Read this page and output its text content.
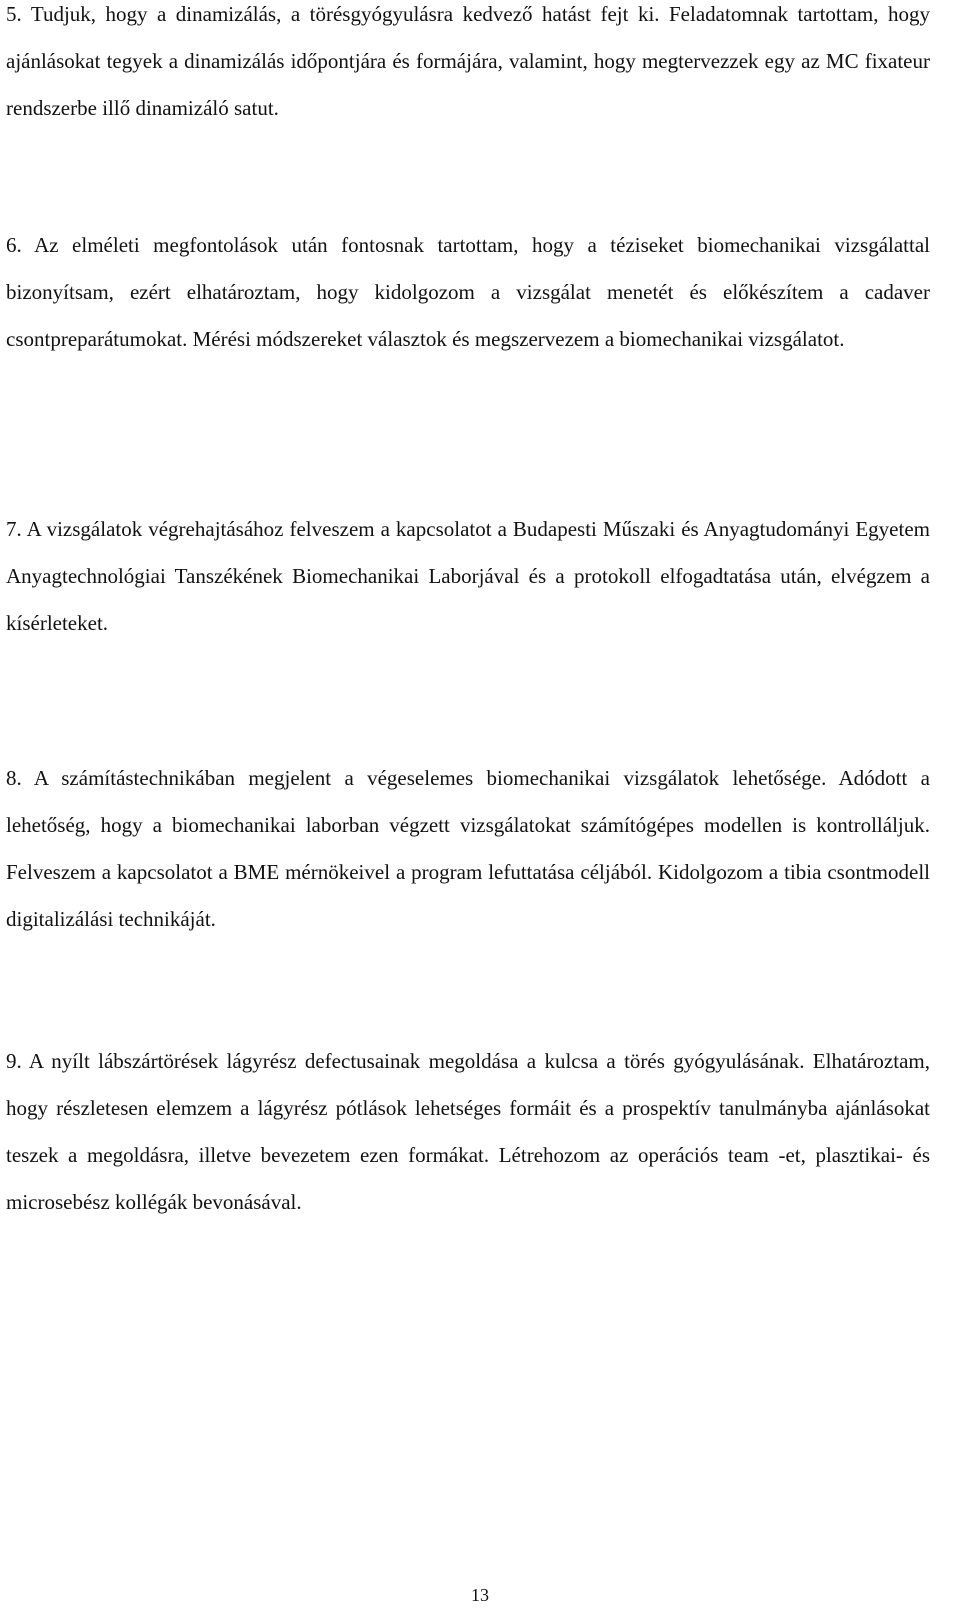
5. Tudjuk, hogy a dinamizálás, a törésgyógyulásra kedvező hatást fejt ki. Feladatomnak tartottam, hogy ajánlásokat tegyek a dinamizálás időpontjára és formájára, valamint, hogy megtervezzek egy az MC fixateur rendszerbe illő dinamizáló satut.

6. Az elméleti megfontolások után fontosnak tartottam, hogy a téziseket biomechanikai vizsgálattal bizonyítsam, ezért elhatároztam, hogy kidolgozom a vizsgálat menetét és előkészítem a cadaver csontpreparátumokat. Mérési módszereket választok és megszervezem a biomechanikai vizsgálatot.

7. A vizsgálatok végrehajtásához felveszem a kapcsolatot a Budapesti Műszaki és Anyagtudományi Egyetem Anyagtechnológiai Tanszékének Biomechanikai Laborjával és a protokoll elfogadtatása után, elvégzem a kísérleteket.

8. A számítástechnikában megjelent a végeselemes biomechanikai vizsgálatok lehetősége. Adódott a lehetőség, hogy a biomechanikai laborban végzett vizsgálatokat számítógépes modellen is kontrolláljuk. Felveszem a kapcsolatot a BME mérnökeivel a program lefuttatása céljából. Kidolgozom a tibia csontmodell digitalizálási technikáját.

9. A nyílt lábszártörések lágyrész defectusainak megoldása a kulcsa a törés gyógyulásának. Elhatároztam, hogy részletesen elemzem a lágyrész pótlások lehetséges formáit és a prospektív tanulmányba ajánlásokat teszek a megoldásra, illetve bevezetem ezen formákat. Létrehozom az operációs team -et, plasztikai- és microsebész kollégák bevonásával.

13
